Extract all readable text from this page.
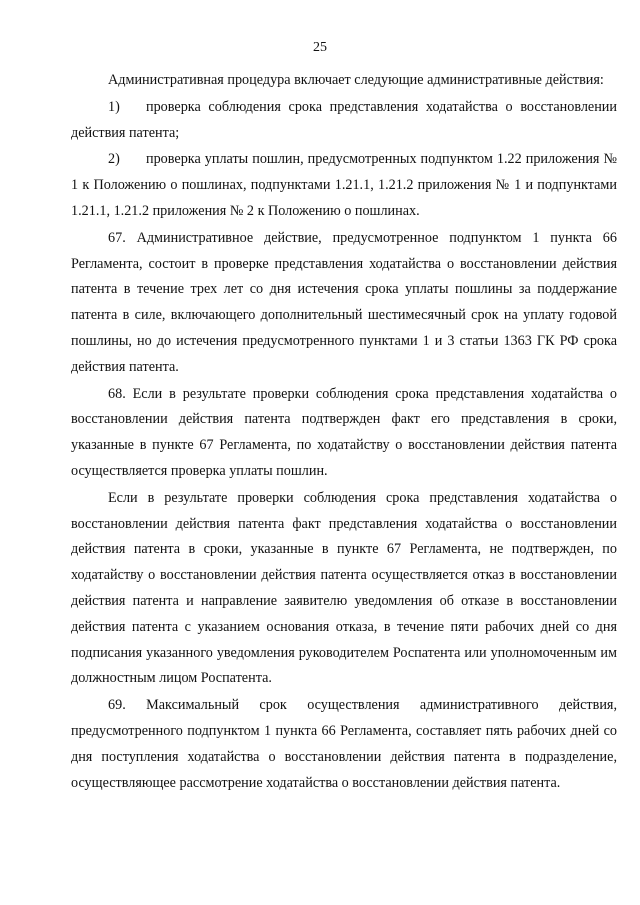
25

Административная процедура включает следующие административные действия:

1) проверка соблюдения срока представления ходатайства о восстановлении действия патента;

2) проверка уплаты пошлин, предусмотренных подпунктом 1.22 приложения № 1 к Положению о пошлинах, подпунктами 1.21.1, 1.21.2 приложения № 1 и подпунктами 1.21.1, 1.21.2 приложения № 2 к Положению о пошлинах.

67. Административное действие, предусмотренное подпунктом 1 пункта 66 Регламента, состоит в проверке представления ходатайства о восстановлении действия патента в течение трех лет со дня истечения срока уплаты пошлины за поддержание патента в силе, включающего дополнительный шестимесячный срок на уплату годовой пошлины, но до истечения предусмотренного пунктами 1 и 3 статьи 1363 ГК РФ срока действия патента.

68. Если в результате проверки соблюдения срока представления ходатайства о восстановлении действия патента подтвержден факт его представления в сроки, указанные в пункте 67 Регламента, по ходатайству о восстановлении действия патента осуществляется проверка уплаты пошлин.

Если в результате проверки соблюдения срока представления ходатайства о восстановлении действия патента факт представления ходатайства о восстановлении действия патента в сроки, указанные в пункте 67 Регламента, не подтвержден, по ходатайству о восстановлении действия патента осуществляется отказ в восстановлении действия патента и направление заявителю уведомления об отказе в восстановлении действия патента с указанием основания отказа, в течение пяти рабочих дней со дня подписания указанного уведомления руководителем Роспатента или уполномоченным им должностным лицом Роспатента.

69. Максимальный срок осуществления административного действия, предусмотренного подпунктом 1 пункта 66 Регламента, составляет пять рабочих дней со дня поступления ходатайства о восстановлении действия патента в подразделение, осуществляющее рассмотрение ходатайства о восстановлении действия патента.
